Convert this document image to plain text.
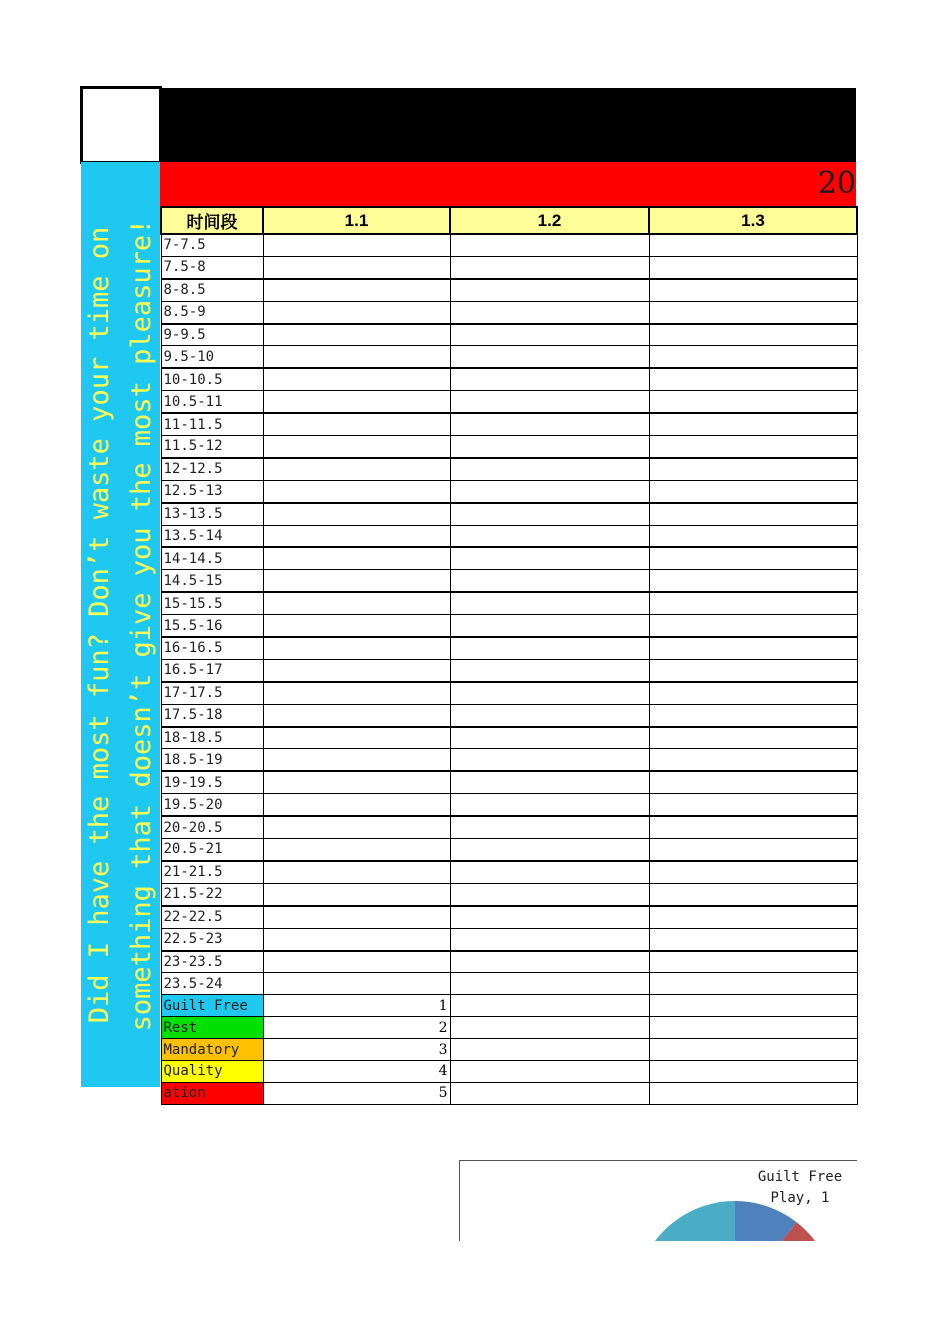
20
Did I have the most fun? Don’t waste your time on something that doesn’t give you the most pleasure!	时间段	1.1	1.2	1.3
7-7.5			
7.5-8			
8-8.5			
8.5-9			
9-9.5			
9.5-10			
10-10.5			
10.5-11			
11-11.5			
11.5-12			
12-12.5			
12.5-13			
13-13.5			
13.5-14			
14-14.5			
14.5-15			
15-15.5			
15.5-16			
16-16.5			
16.5-17			
17-17.5			
17.5-18			
18-18.5			
18.5-19			
19-19.5			
19.5-20			
20-20.5			
20.5-21			
21-21.5			
21.5-22			
22-22.5			
22.5-23			
23-23.5			
23.5-24			
Guilt Free	1		
Rest	2		
Mandatory	3		
Quality	4		
ation	5		
Guilt Free
Play, 1
